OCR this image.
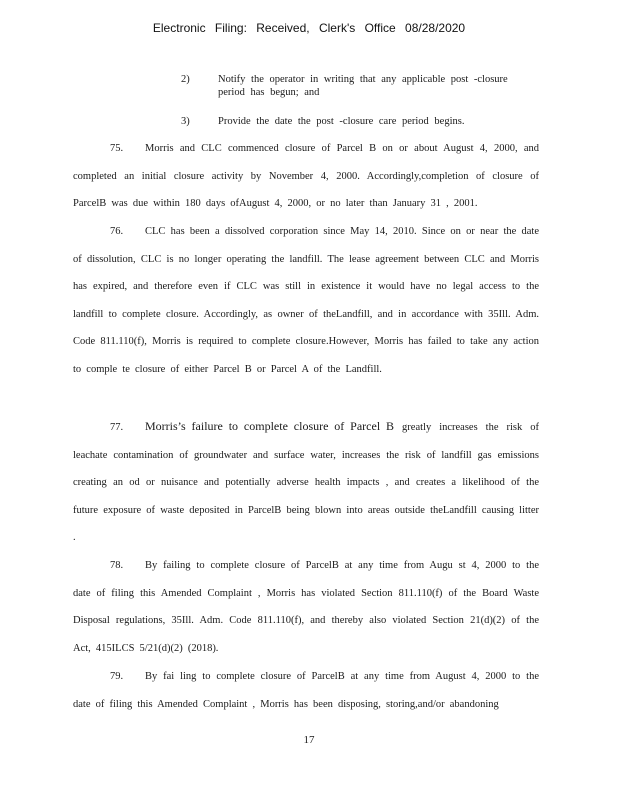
Electronic Filing: Received, Clerk's Office 08/28/2020
2)	Notify the operator in writing that any applicable post -closure period has begun; and
3)	Provide the date the post -closure care period begins.

75. Morris and CLC commenced closure of Parcel B on or about August 4, 2000, and completed an initial closure activity by November 4, 2000. Accordingly,completion of closure of ParcelB was due within 180 days ofAugust 4, 2000, or no later than January 31 , 2001.

76. CLC has been a dissolved corporation since May 14, 2010. Since on or near the date of dissolution, CLC is no longer operating the landfill. The lease agreement between CLC and Morris has expired, and therefore even if CLC was still in existence it would have no legal access to the landfill to complete closure. Accordingly, as owner of theLandfill, and in accordance with 35Ill. Adm. Code 811.110(f), Morris is required to complete closure.However, Morris has failed to take any action to comple te closure of either Parcel B or Parcel A of the Landfill.

77. Morris’s failure to complete closure of Parcel B greatly increases the risk of leachate contamination of groundwater and surface water, increases the risk of landfill gas emissions creating an od or nuisance and potentially adverse health impacts , and creates a likelihood of the future exposure of waste deposited in ParcelB being blown into areas outside theLandfill causing litter .

78. By failing to complete closure of ParcelB at any time from Augu st 4, 2000 to the date of filing this Amended Complaint , Morris has violated Section 811.110(f) of the Board Waste Disposal regulations, 35Ill. Adm. Code 811.110(f), and thereby also violated Section 21(d)(2) of the Act, 415ILCS 5/21(d)(2) (2018).

79. By fai ling to complete closure of ParcelB at any time from August 4, 2000 to the date of filing this Amended Complaint , Morris has been disposing, storing,and/or abandoning

17
